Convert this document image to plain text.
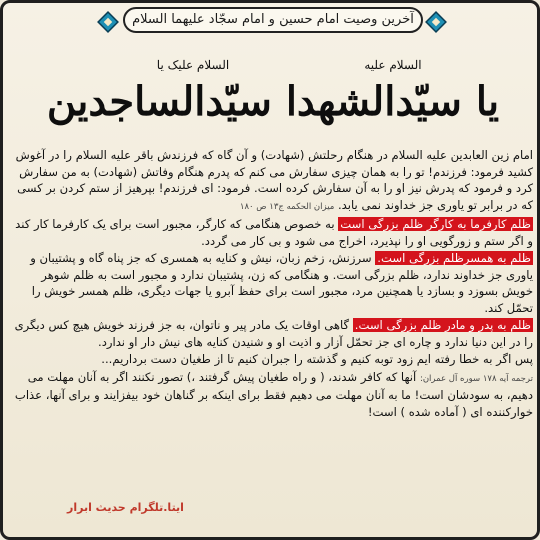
آخرین وصیت امام حسین و امام سجّاد علیهما السلام
السلام علیک یا	السلام علیه
یا سیّدالشهدا سیّدالساجدین

امام زین العابدین علیه السلام در هنگام رحلتش (شهادت) و آن گاه که فرزندش باقر علیه السلام را در آغوش کشید فرمود: فرزندم! تو را به همان چیزی سفارش می کنم که پدرم هنگام وفاتش (شهادت) به من سفارش کرد و فرمود که پدرش نیز او را به آن سفارش کرده است. فرمود: ای فرزندم! بپرهیز از ستم کردن بر کسی که در برابر تو یاوری جز خداوند نمی یابد. میزان الحکمه ج۱۳ ص ۱۸۰

ظلم کارفرما به کارگر ظلم بزرگی است به خصوص هنگامی که کارگر، مجبور است برای یک کارفرما کار کند و اگر ستم و زورگویی او را نپذیرد، اخراج می شود و بی کار می گردد.

ظلم به همسرظلم بزرگی است. سرزنش، زخم زبان، نیش و کنایه به همسری که جز پناه گاه و پشتیبان و یاوری جز خداوند ندارد، ظلم بزرگی است. و هنگامی که زن، پشتیبان ندارد و مجبور است به ظلم شوهر خویش بسوزد و بسازد یا همچنین مرد، مجبور است برای حفظ آبرو یا جهات دیگری، ظلم همسر خویش را تحمّل کند.

ظلم به پدر و مادر ظلم بزرگی است. گاهی اوقات یک مادر پیر و ناتوان، به جز فرزند خویش هیچ کس دیگری را در این دنیا ندارد و چاره ای جز تحمّل آزار و اذیت او و شنیدن کنایه های نیش دار او ندارد.

پس اگر به خطا رفته ایم زود توبه کنیم و گذشته را جبران کنیم تا از طغیان دست برداریم...

ترجمه آیه ۱۷۸ سوره آل عمران: آنها که کافر شدند، ( و راه طغیان پیش گرفتند ،) تصور نکنند اگر به آنان مهلت می دهیم، به سودشان است! ما به آنان مهلت می دهیم فقط برای اینکه بر گناهان خود بیفزایند و برای آنها، عذاب خوارکننده ای ( آماده شده ) است!

ایتا.تلگرام حدیث ابرار
